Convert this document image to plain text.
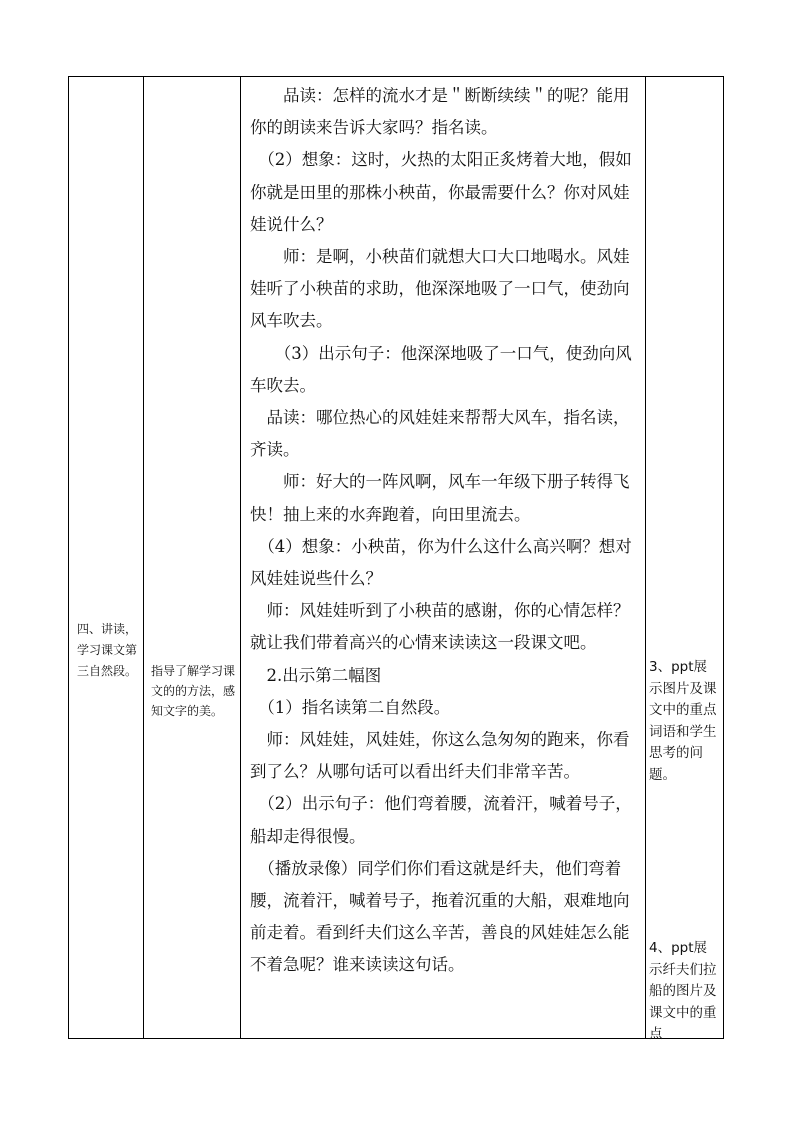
四、讲读，学习课文第三自然段。 指导了解学习课文的的方法，感知文字的美。

　　品读：怎样的流水才是＂断断续续＂的呢？能用你的朗读来告诉大家吗？指名读。

　（2）想象：这时，火热的太阳正炙烤着大地，假如你就是田里的那株小秧苗，你最需要什么？你对风娃娃说什么？

　　师：是啊，小秧苗们就想大口大口地喝水。风娃娃听了小秧苗的求助，他深深地吸了一口气，使劲向风车吹去。

　　（3）出示句子：他深深地吸了一口气，使劲向风车吹去。

　品读：哪位热心的风娃娃来帮帮大风车，指名读，齐读。

　　师：好大的一阵风啊，风车一年级下册子转得飞快！抽上来的水奔跑着，向田里流去。

　（4）想象：小秧苗，你为什么这什么高兴啊？想对风娃娃说些什么？

　师：风娃娃听到了小秧苗的感谢，你的心情怎样？就让我们带着高兴的心情来读读这一段课文吧。

　2.出示第二幅图

　（1）指名读第二自然段。

　师：风娃娃，风娃娃，你这么急匆匆的跑来，你看到了么？从哪句话可以看出纤夫们非常辛苦。

　（2）出示句子：他们弯着腰，流着汗，喊着号子，船却走得很慢。

　（播放录像）同学们你们看这就是纤夫，他们弯着腰，流着汗，喊着号子，拖着沉重的大船，艰难地向前走着。看到纤夫们这么辛苦，善良的风娃娃怎么能不着急呢？谁来读读这句话。

3、ppt展示图片及课文中的重点词语和学生思考的问题。
4、ppt展示纤夫们拉船的图片及课文中的重点
